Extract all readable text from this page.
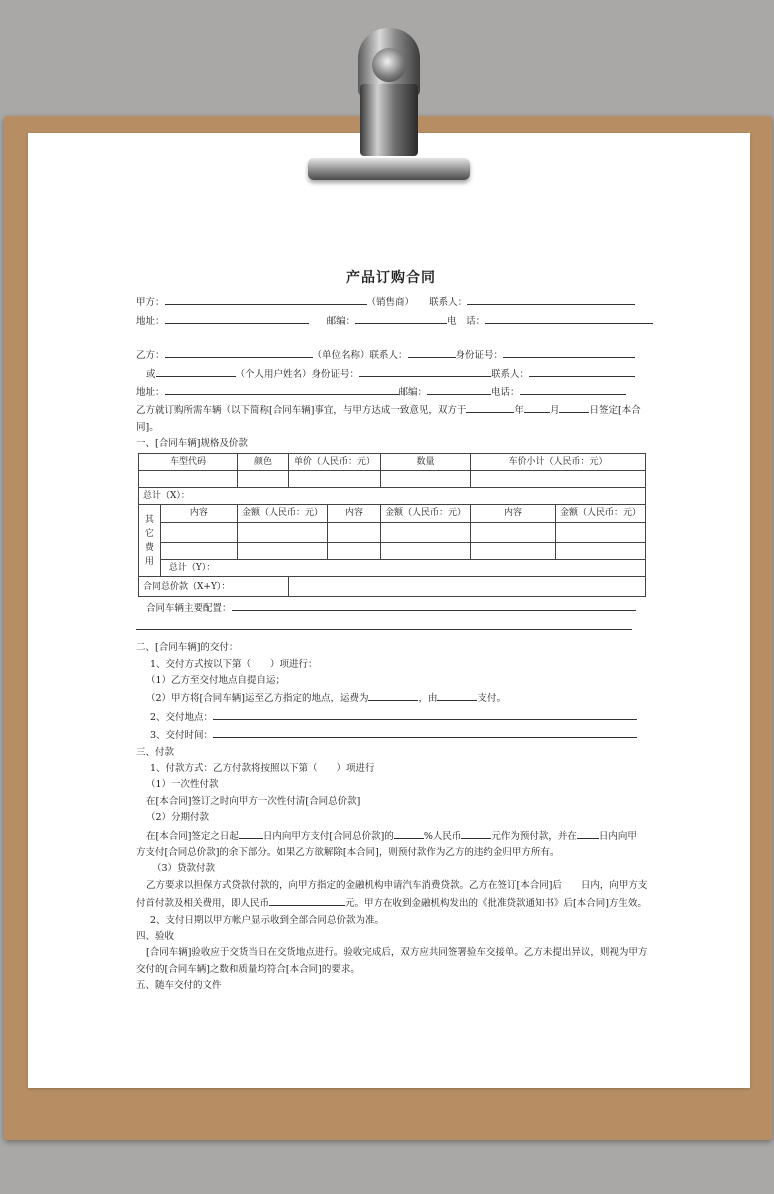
产品订购合同
甲方：	（销售商） 联系人：
地址：	邮编：	电　话：
乙方：	（单位名称）联系人：	身份证号：
或	（个人用户姓名）身份证号：	联系人：
地址：	邮编：	电话：
乙方就订购所需车辆（以下简称[合同车辆]事宜，与甲方达成一致意见，双方于	年	月	日签定[本合
同]。
一、[合同车辆]规格及价款
车型代码		颜色	单价（人民币：元）		数量	车价小计（人民币：元）	

总计（X）：							
其它费用	内容	金额（人民币：元）		内容	金额（人民币：元）	内容	金额（人民币：元）

	总计（Y）：						
合同总价款（X+Y）：							
合同车辆主要配置：
二、[合同车辆]的交付：
1、交付方式按以下第（　　）项进行：
（1）乙方至交付地点自提自运；
（2）甲方将[合同车辆]运至乙方指定的地点，运费为	，由	支付。
2、交付地点：
3、交付时间：
三、付款
1、付款方式：乙方付款将按照以下第（　　）项进行
（1）一次性付款
在[本合同]签订之时向甲方一次性付清[合同总价款]
（2）分期付款
在[本合同]签定之日起	日内向甲方支付[合同总价款]的	%人民币	元作为预付款，并在 日内向甲
方支付[合同总价款]的余下部分。如果乙方欲解除[本合同]，则预付款作为乙方的违约金归甲方所有。
（3）贷款付款
乙方要求以担保方式贷款付款的，向甲方指定的金融机构申请汽车消费贷款。乙方在签订[本合同]后　　日内，向甲方支
付首付款及相关费用，即人民币	元。甲方在收到金融机构发出的《批准贷款通知书》后[本合同]方生效。
2、支付日期以甲方帐户显示收到全部合同总价款为准。
四、验收
[合同车辆]验收应于交货当日在交货地点进行。验收完成后，双方应共同签署验车交接单。乙方未提出异议，则视为甲方
交付的[合同车辆]之数和质量均符合[本合同]的要求。
五、随车交付的文件
